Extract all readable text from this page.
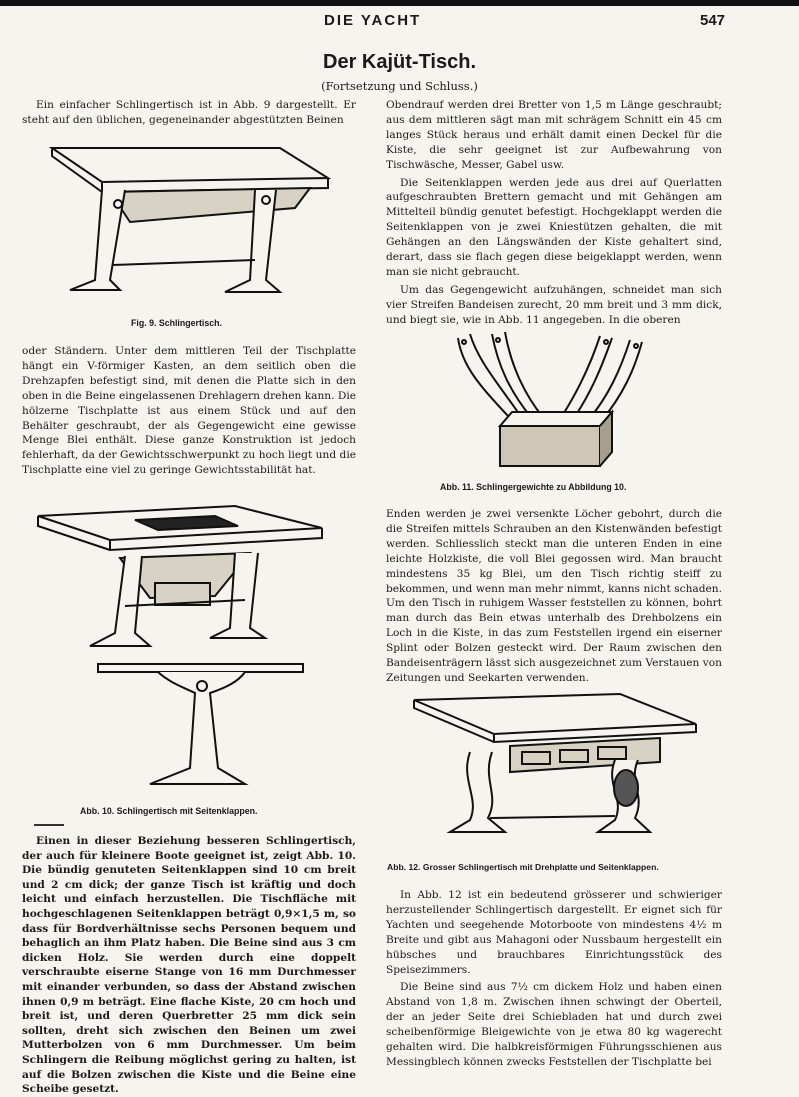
DIE YACHT	547
Der Kajüt-Tisch.
(Fortsetzung und Schluss.)

Ein einfacher Schlingertisch ist in Abb. 9 dargestellt. Er steht auf den üblichen, gegeneinander abgestützten Beinen

oder Ständern. Unter dem mittleren Teil der Tischplatte hängt ein V-förmiger Kasten, an dem seitlich oben die Drehzapfen befestigt sind, mit denen die Platte sich in den oben in die Beine eingelassenen Drehlagern drehen kann. Die hölzerne Tischplatte ist aus einem Stück und auf den Behälter geschraubt, der als Gegengewicht eine gewisse Menge Blei enthält. Diese ganze Konstruktion ist jedoch fehlerhaft, da der Gewichtsschwerpunkt zu hoch liegt und die Tischplatte eine viel zu geringe Gewichtsstabilität hat.

Einen in dieser Beziehung besseren Schlingertisch, der auch für kleinere Boote geeignet ist, zeigt Abb. 10. Die bündig genuteten Seitenklappen sind 10 cm breit und 2 cm dick; der ganze Tisch ist kräftig und doch leicht und einfach herzustellen. Die Tischfläche mit hochgeschlagenen Seitenklappen beträgt 0,9×1,5 m, so dass für Bordverhältnisse sechs Personen bequem und behaglich an ihm Platz haben. Die Beine sind aus 3 cm dicken Holz. Sie werden durch eine doppelt verschraubte eiserne Stange von 16 mm Durchmesser mit einander verbunden, so dass der Abstand zwischen ihnen 0,9 m beträgt. Eine flache Kiste, 20 cm hoch und breit ist, und deren Querbretter 25 mm dick sein sollten, dreht sich zwischen den Beinen um zwei Mutterbolzen von 6 mm Durchmesser. Um beim Schlingern die Reibung möglichst gering zu halten, ist auf die Bolzen zwischen die Kiste und die Beine eine Scheibe gesetzt.

Obendrauf werden drei Bretter von 1,5 m Länge geschraubt; aus dem mittleren sägt man mit schrägem Schnitt ein 45 cm langes Stück heraus und erhält damit einen Deckel für die Kiste, die sehr geeignet ist zur Aufbewahrung von Tischwäsche, Messer, Gabel usw.

Die Seitenklappen werden jede aus drei auf Querlatten aufgeschraubten Brettern gemacht und mit Gehängen am Mittelteil bündig genutet befestigt. Hochgeklappt werden die Seitenklappen von je zwei Kniestützen gehalten, die mit Gehängen an den Längswänden der Kiste gehaltert sind, derart, dass sie flach gegen diese beigeklappt werden, wenn man sie nicht gebraucht.

Um das Gegengewicht aufzuhängen, schneidet man sich vier Streifen Bandeisen zurecht, 20 mm breit und 3 mm dick, und biegt sie, wie in Abb. 11 angegeben. In die oberen

Enden werden je zwei versenkte Löcher gebohrt, durch die die Streifen mittels Schrauben an den Kistenwänden befestigt werden. Schliesslich steckt man die unteren Enden in eine leichte Holzkiste, die voll Blei gegossen wird. Man braucht mindestens 35 kg Blei, um den Tisch richtig steiff zu bekommen, und wenn man mehr nimmt, kanns nicht schaden. Um den Tisch in ruhigem Wasser feststellen zu können, bohrt man durch das Bein etwas unterhalb des Drehbolzens ein Loch in die Kiste, in das zum Feststellen irgend ein eiserner Splint oder Bolzen gesteckt wird. Der Raum zwischen den Bandeisenträgern lässt sich ausgezeichnet zum Verstauen von Zeitungen und Seekarten verwenden.

In Abb. 12 ist ein bedeutend grösserer und schwieriger herzustellender Schlingertisch dargestellt. Er eignet sich für Yachten und seegehende Motorboote von mindestens 4½ m Breite und gibt aus Mahagoni oder Nussbaum hergestellt ein hübsches und brauchbares Einrichtungsstück des Speisezimmers.

Die Beine sind aus 7½ cm dickem Holz und haben einen Abstand von 1,8 m. Zwischen ihnen schwingt der Oberteil, der an jeder Seite drei Schiebladen hat und durch zwei scheibenförmige Bleigewichte von je etwa 80 kg wagerecht gehalten wird. Die halbkreisförmigen Führungsschienen aus Messingblech können zwecks Feststellen der Tischplatte bei

Fig. 9. Schlingertisch.
Abb. 10. Schlingertisch mit Seitenklappen.
Abb. 11. Schlingergewichte zu Abbildung 10.
Abb. 12. Grosser Schlingertisch mit Drehplatte und Seitenklappen.
